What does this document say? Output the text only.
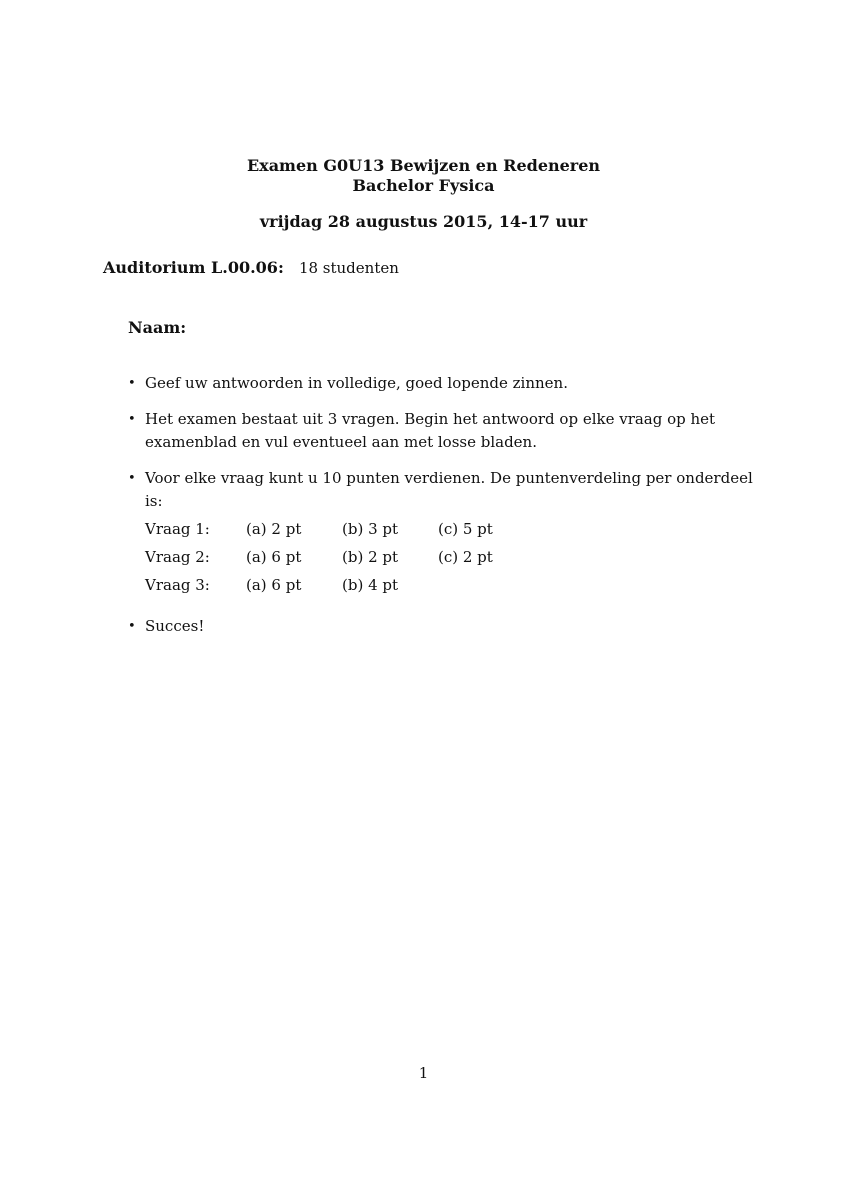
Examen G0U13 Bewijzen en Redeneren
Bachelor Fysica
vrijdag 28 augustus 2015, 14-17 uur
Auditorium L.00.06: 18 studenten
Naam:
• Geef uw antwoorden in volledige, goed lopende zinnen.
• Het examen bestaat uit 3 vragen. Begin het antwoord op elke vraag op het examenblad en vul eventueel aan met losse bladen.
• Voor elke vraag kunt u 10 punten verdienen. De puntenverdeling per onderdeel is:
Vraag 1:	(a) 2 pt	(b) 3 pt	(c) 5 pt
Vraag 2:	(a) 6 pt	(b) 2 pt	(c) 2 pt
Vraag 3:	(a) 6 pt	(b) 4 pt	
• Succes!
1
